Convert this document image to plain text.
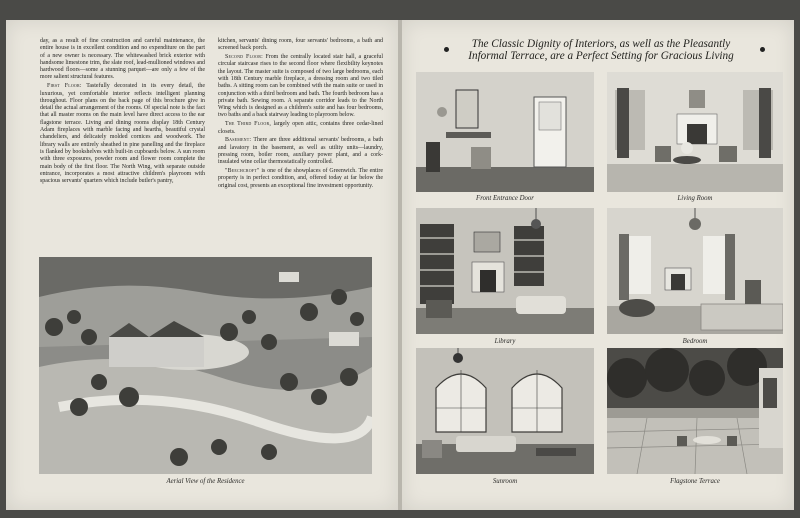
day, as a result of fine construction and careful maintenance, the entire house is in excellent condition and no expenditure on the part of a new owner is necessary. The whitewashed brick exterior with handsome limestone trim, the slate roof, lead-mullioned windows and hardwood floors—some a stunning parquet—are only a few of the more salient structural features.

First Floor: Tastefully decorated in its every detail, the luxurious, yet comfortable interior reflects intelligent planning throughout. Floor plans on the back page of this brochure give in detail the actual arrangement of the rooms. Of special note is the fact that all master rooms on the main level have direct access to the ear flagstone terrace. Living and dining rooms display 18th Century Adam fireplaces with marble facing and hearths, beautiful crystal chandeliers, and delicately molded cornices and woodwork. The library walls are entirely sheathed in pine panelling and the fireplace is flanked by bookshelves with built-in cupboards below. A sun room with three exposures, powder room and flower room complete the main body of the first floor. The North Wing, with separate outside entrance, incorporates a most attractive children's playroom with spacious servants' quarters which include butler's pantry,

kitchen, servants' dining room, four servants' bedrooms, a bath and screened back porch.

Second Floor: From the centrally located stair hall, a graceful circular staircase rises to the second floor where flexibility keynotes the layout. The master suite is composed of two large bedrooms, each with 18th Century marble fireplace, a dressing room and two tiled baths. A sitting room can be combined with the main suite or used in conjunction with a third bedroom and bath. The fourth bedroom has a private bath. Sewing room. A separate corridor leads to the North Wing which is designed as a children's suite and has four bedrooms, two baths and a back stairway leading to playroom below.

The Third Floor, largely open attic, contains three cedar-lined closets.

Basement: There are three additional servants' bedrooms, a bath and lavatory in the basement, as well as utility units—laundry, pressing room, boiler room, auxiliary power plant, and a cork-insulated wine cellar thermostatically controlled.

"Beechcroft" is one of the showplaces of Greenwich. The entire property is in perfect condition, and, offered today at far below the original cost, presents an exceptional fine investment opportunity.

Aerial View of the Residence
The Classic Dignity of Interiors, as well as the Pleasantly
Informal Terrace, are a Perfect Setting for Gracious Living
Front Entrance Door	Living Room
Library	Bedroom
Sunroom	Flagstone Terrace
